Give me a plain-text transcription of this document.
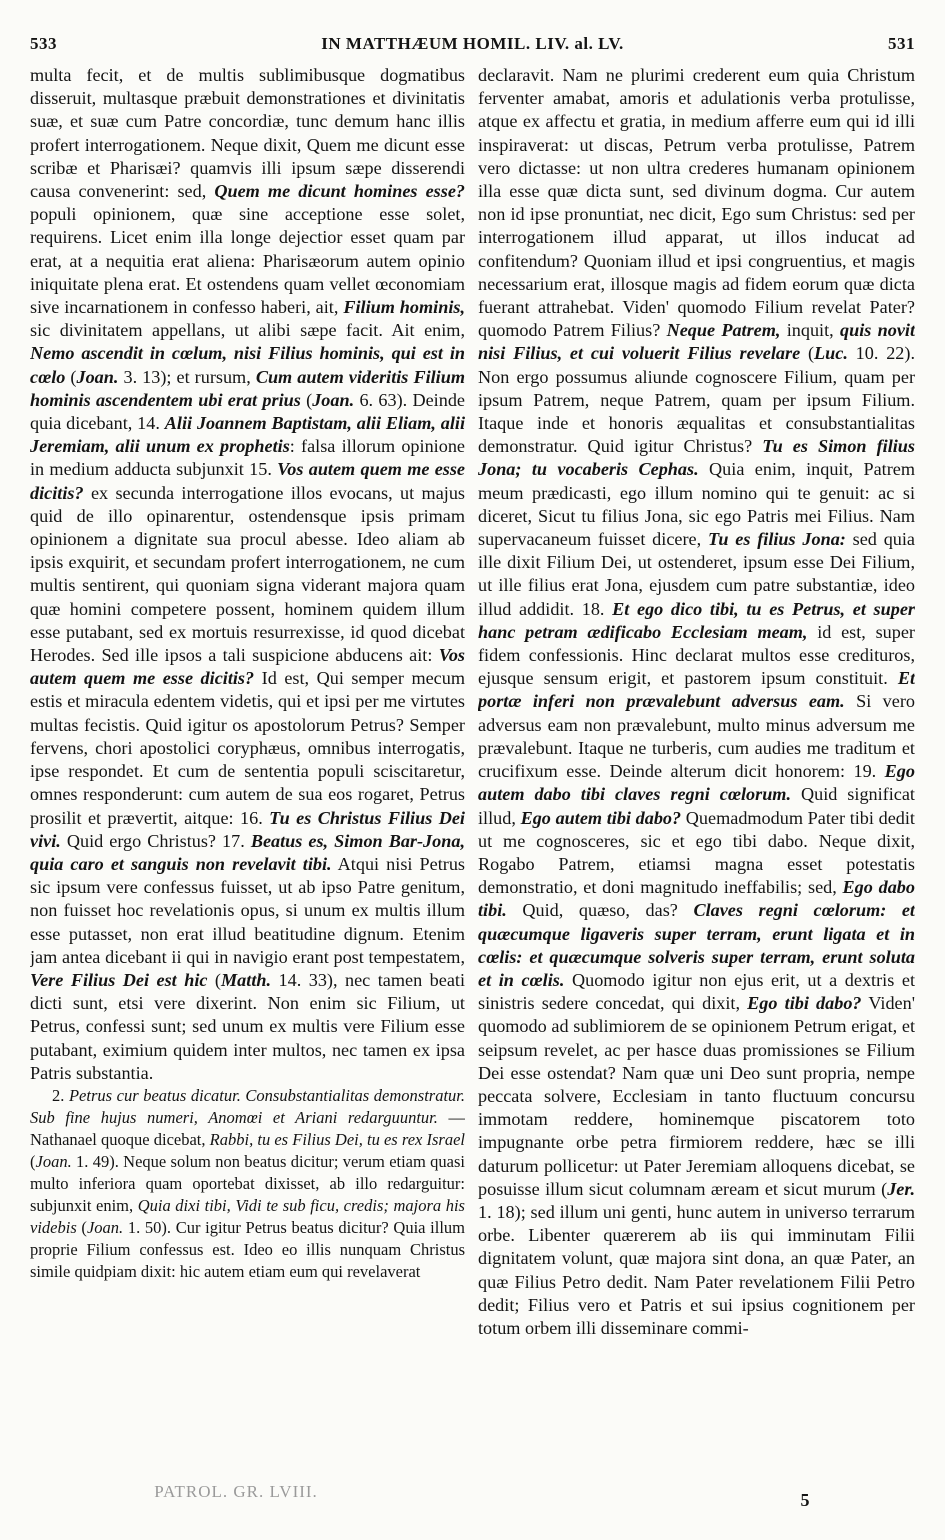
533	IN MATTHÆUM HOMIL. LIV. al. LV.	531

multa fecit, et de multis sublimibusque dogmatibus disseruit, multasque præbuit demonstrationes et divinitatis suæ, et suæ cum Patre concordiæ, tunc demum hanc illis profert interrogationem. Neque dixit, Quem me dicunt esse scribæ et Pharisæi? quamvis illi ipsum sæpe disserendi causa convenerint: sed, Quem me dicunt homines esse? populi opinionem, quæ sine acceptione esse solet, requirens. Licet enim illa longe dejectior esset quam par erat, at a nequitia erat aliena: Pharisæorum autem opinio iniquitate plena erat. Et ostendens quam vellet œconomiam sive incarnationem in confesso haberi, ait, Filium hominis, sic divinitatem appellans, ut alibi sæpe facit. Ait enim, Nemo ascendit in cœlum, nisi Filius hominis, qui est in cœlo (Joan. 3. 13); et rursum, Cum autem videritis Filium hominis ascendentem ubi erat prius (Joan. 6. 63). Deinde quia dicebant, 14. Alii Joannem Baptistam, alii Eliam, alii Jeremiam, alii unum ex prophetis: falsa illorum opinione in medium adducta subjunxit 15. Vos autem quem me esse dicitis? ex secunda interrogatione illos evocans, ut majus quid de illo opinarentur, ostendensque ipsis primam opinionem a dignitate sua procul abesse. Ideo aliam ab ipsis exquirit, et secundam profert interrogationem, ne cum multis sentirent, qui quoniam signa viderant majora quam quæ homini competere possent, hominem quidem illum esse putabant, sed ex mortuis resurrexisse, id quod dicebat Herodes. Sed ille ipsos a tali suspicione abducens ait: Vos autem quem me esse dicitis? Id est, Qui semper mecum estis et miracula edentem videtis, qui et ipsi per me virtutes multas fecistis. Quid igitur os apostolorum Petrus? Semper fervens, chori apostolici coryphæus, omnibus interrogatis, ipse respondet. Et cum de sententia populi sciscitaretur, omnes responderunt: cum autem de sua eos rogaret, Petrus prosilit et prævertit, aitque: 16. Tu es Christus Filius Dei vivi. Quid ergo Christus? 17. Beatus es, Simon Bar-Jona, quia caro et sanguis non revelavit tibi. Atqui nisi Petrus sic ipsum vere confessus fuisset, ut ab ipso Patre genitum, non fuisset hoc revelationis opus, si unum ex multis illum esse putasset, non erat illud beatitudine dignum. Etenim jam antea dicebant ii qui in navigio erant post tempestatem, Vere Filius Dei est hic (Matth. 14. 33), nec tamen beati dicti sunt, etsi vere dixerint. Non enim sic Filium, ut Petrus, confessi sunt; sed unum ex multis vere Filium esse putabant, eximium quidem inter multos, nec tamen ex ipsa Patris substantia.

2. Petrus cur beatus dicatur. Consubstantialitas demonstratur. Sub fine hujus numeri, Anomœi et Ariani redarguuntur. — Nathanael quoque dicebat, Rabbi, tu es Filius Dei, tu es rex Israel (Joan. 1. 49). Neque solum non beatus dicitur; verum etiam quasi multo inferiora quam oportebat dixisset, ab illo redarguitur: subjunxit enim, Quia dixi tibi, Vidi te sub ficu, credis; majora his videbis (Joan. 1. 50). Cur igitur Petrus beatus dicitur? Quia illum proprie Filium confessus est. Ideo eo illis nunquam Christus simile quidpiam dixit: hic autem etiam eum qui revelaverat

declaravit. Nam ne plurimi crederent eum quia Christum ferventer amabat, amoris et adulationis verba protulisse, atque ex affectu et gratia, in medium afferre eum qui id illi inspiraverat: ut discas, Petrum verba protulisse, Patrem vero dictasse: ut non ultra crederes humanam opinionem illa esse quæ dicta sunt, sed divinum dogma. Cur autem non id ipse pronuntiat, nec dicit, Ego sum Christus: sed per interrogationem illud apparat, ut illos inducat ad confitendum? Quoniam illud et ipsi congruentius, et magis necessarium erat, illosque magis ad fidem eorum quæ dicta fuerant attrahebat. Viden' quomodo Filium revelat Pater? quomodo Patrem Filius? Neque Patrem, inquit, quis novit nisi Filius, et cui voluerit Filius revelare (Luc. 10. 22). Non ergo possumus aliunde cognoscere Filium, quam per ipsum Patrem, neque Patrem, quam per ipsum Filium. Itaque inde et honoris æqualitas et consubstantialitas demonstratur. Quid igitur Christus? Tu es Simon filius Jona; tu vocaberis Cephas. Quia enim, inquit, Patrem meum prædicasti, ego illum nomino qui te genuit: ac si diceret, Sicut tu filius Jona, sic ego Patris mei Filius. Nam supervacaneum fuisset dicere, Tu es filius Jona: sed quia ille dixit Filium Dei, ut ostenderet, ipsum esse Dei Filium, ut ille filius erat Jona, ejusdem cum patre substantiæ, ideo illud addidit. 18. Et ego dico tibi, tu es Petrus, et super hanc petram ædificabo Ecclesiam meam, id est, super fidem confessionis. Hinc declarat multos esse credituros, ejusque sensum erigit, et pastorem ipsum constituit. Et portæ inferi non prævalebunt adversus eam. Si vero adversus eam non prævalebunt, multo minus adversum me prævalebunt. Itaque ne turberis, cum audies me traditum et crucifixum esse. Deinde alterum dicit honorem: 19. Ego autem dabo tibi claves regni cœlorum. Quid significat illud, Ego autem tibi dabo? Quemadmodum Pater tibi dedit ut me cognosceres, sic et ego tibi dabo. Neque dixit, Rogabo Patrem, etiamsi magna esset potestatis demonstratio, et doni magnitudo ineffabilis; sed, Ego dabo tibi. Quid, quæso, das? Claves regni cœlorum: et quæcumque ligaveris super terram, erunt ligata et in cœlis: et quæcumque solveris super terram, erunt soluta et in cœlis. Quomodo igitur non ejus erit, ut a dextris et sinistris sedere concedat, qui dixit, Ego tibi dabo? Viden' quomodo ad sublimiorem de se opinionem Petrum erigat, et seipsum revelet, ac per hasce duas promissiones se Filium Dei esse ostendat? Nam quæ uni Deo sunt propria, nempe peccata solvere, Ecclesiam in tanto fluctuum concursu immotam reddere, hominemque piscatorem toto impugnante orbe petra firmiorem reddere, hæc se illi daturum pollicetur: ut Pater Jeremiam alloquens dicebat, se posuisse illum sicut columnam æream et sicut murum (Jer. 1. 18); sed illum uni genti, hunc autem in universo terrarum orbe. Libenter quærerem ab iis qui imminutam Filii dignitatem volunt, quæ majora sint dona, an quæ Pater, an quæ Filius Petro dedit. Nam Pater revelationem Filii Petro dedit; Filius vero et Patris et sui ipsius cognitionem per totum orbem illi disseminare commi-

PATROL. GR. LVIII.	5
